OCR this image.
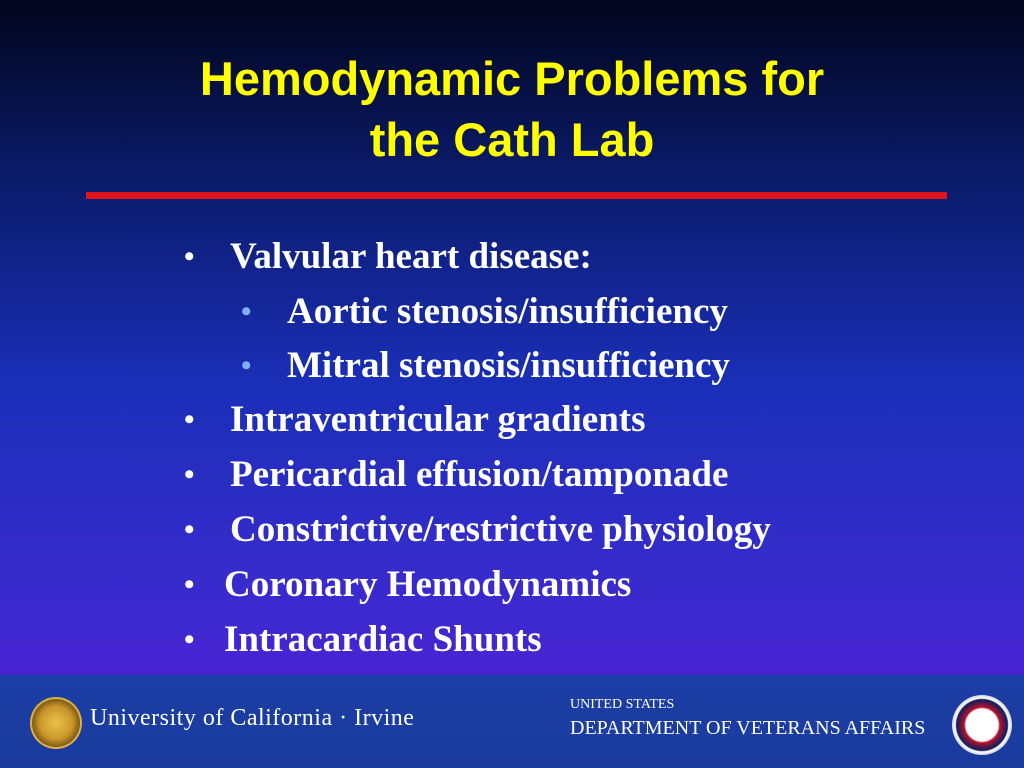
Hemodynamic Problems for
the Cath Lab
• Valvular heart disease:
• Aortic stenosis/insufficiency
• Mitral stenosis/insufficiency
• Intraventricular gradients
• Pericardial effusion/tamponade
• Constrictive/restrictive physiology
• Coronary Hemodynamics
• Intracardiac Shunts
University of California · Irvine
UNITED STATES
DEPARTMENT OF VETERANS AFFAIRS
